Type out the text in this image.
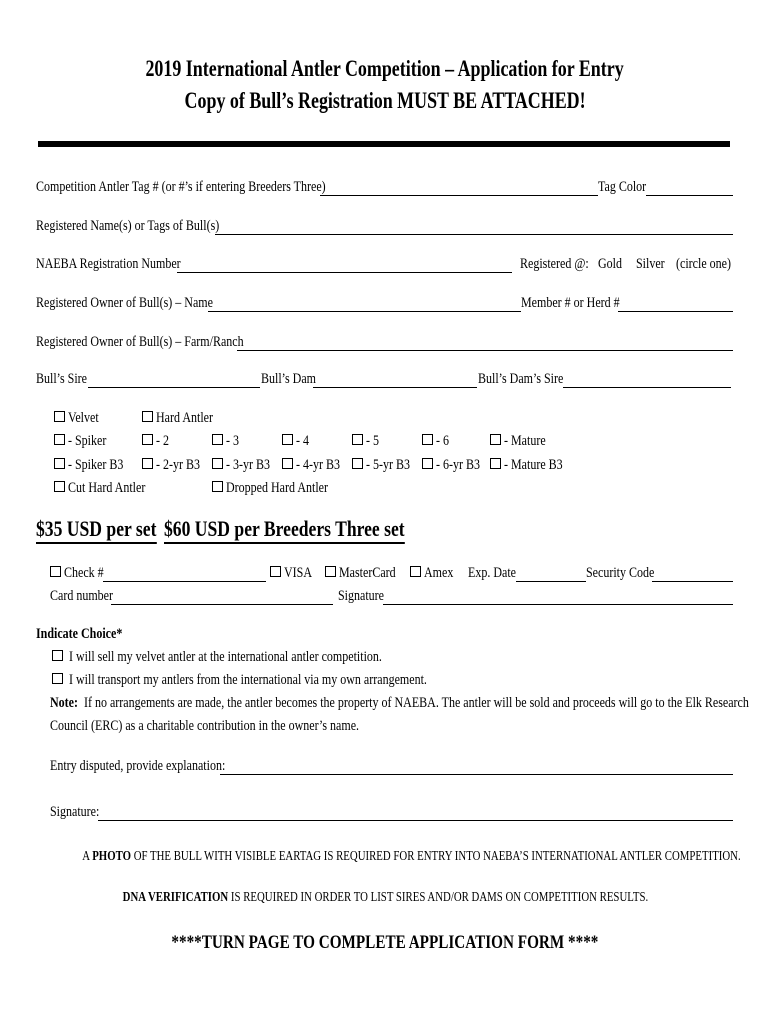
2019 International Antler Competition – Application for Entry
Copy of Bull’s Registration MUST BE ATTACHED!
Competition Antler Tag # (or #’s if entering Breeders Three)	Tag Color
Registered Name(s) or Tags of Bull(s)
NAEBA Registration Number	Registered @: Gold Silver (circle one)
Registered Owner of Bull(s) – Name	Member # or Herd #
Registered Owner of Bull(s) – Farm/Ranch
Bull’s Sire	Bull’s Dam	Bull’s Dam’s Sire
Velvet	Hard Antler
- Spiker	- 2	- 3	- 4	- 5	- 6	- Mature
- Spiker B3	- 2-yr B3	- 3-yr B3	- 4-yr B3	- 5-yr B3	- 6-yr B3	- Mature B3
Cut Hard Antler	Dropped Hard Antler
$35 USD per set $60 USD per Breeders Three set
Check #	VISA	MasterCard	Amex Exp. Date	Security Code
Card number	Signature
Indicate Choice*
I will sell my velvet antler at the international antler competition.
I will transport my antlers from the international via my own arrangement.
Note: If no arrangements are made, the antler becomes the property of NAEBA. The antler will be sold and proceeds will go to the Elk Research
Council (ERC) as a charitable contribution in the owner’s name.
Entry disputed, provide explanation:
Signature:
A PHOTO OF THE BULL WITH VISIBLE EARTAG IS REQUIRED FOR ENTRY INTO NAEBA’S INTERNATIONAL ANTLER COMPETITION.
DNA VERIFICATION IS REQUIRED IN ORDER TO LIST SIRES AND/OR DAMS ON COMPETITION RESULTS.
****TURN PAGE TO COMPLETE APPLICATION FORM ****
